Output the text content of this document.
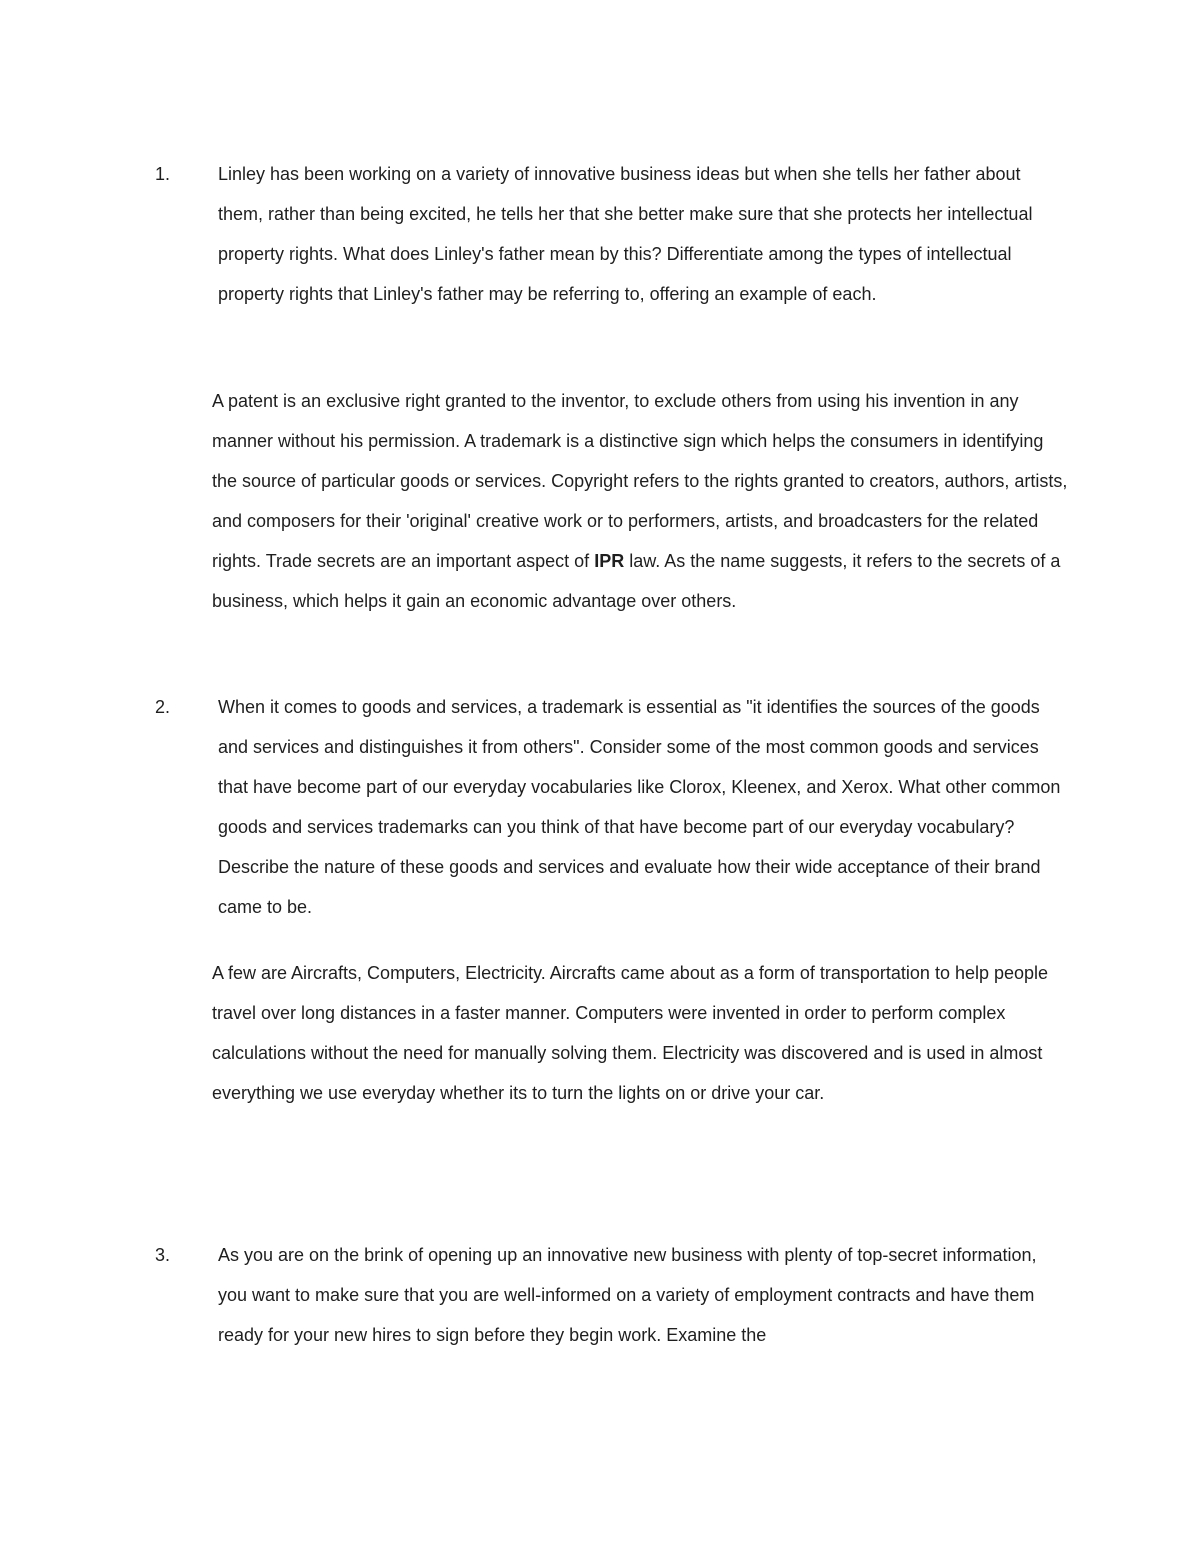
1.	Linley has been working on a variety of innovative business ideas but when she tells her father about them, rather than being excited, he tells her that she better make sure that she protects her intellectual property rights. What does Linley's father mean by this? Differentiate among the types of intellectual property rights that Linley's father may be referring to, offering an example of each.
A patent is an exclusive right granted to the inventor, to exclude others from using his invention in any manner without his permission. A trademark is a distinctive sign which helps the consumers in identifying the source of particular goods or services. Copyright refers to the rights granted to creators, authors, artists, and composers for their 'original' creative work or to performers, artists, and broadcasters for the related rights. Trade secrets are an important aspect of IPR law. As the name suggests, it refers to the secrets of a business, which helps it gain an economic advantage over others.
2.	When it comes to goods and services, a trademark is essential as "it identifies the sources of the goods and services and distinguishes it from others". Consider some of the most common goods and services that have become part of our everyday vocabularies like Clorox, Kleenex, and Xerox. What other common goods and services trademarks can you think of that have become part of our everyday vocabulary? Describe the nature of these goods and services and evaluate how their wide acceptance of their brand came to be.
A few are Aircrafts, Computers, Electricity. Aircrafts came about as a form of transportation to help people travel over long distances in a faster manner. Computers were invented in order to perform complex calculations without the need for manually solving them. Electricity was discovered and is used in almost everything we use everyday whether its to turn the lights on or drive your car.
3.	As you are on the brink of opening up an innovative new business with plenty of top-secret information, you want to make sure that you are well-informed on a variety of employment contracts and have them ready for your new hires to sign before they begin work. Examine the
